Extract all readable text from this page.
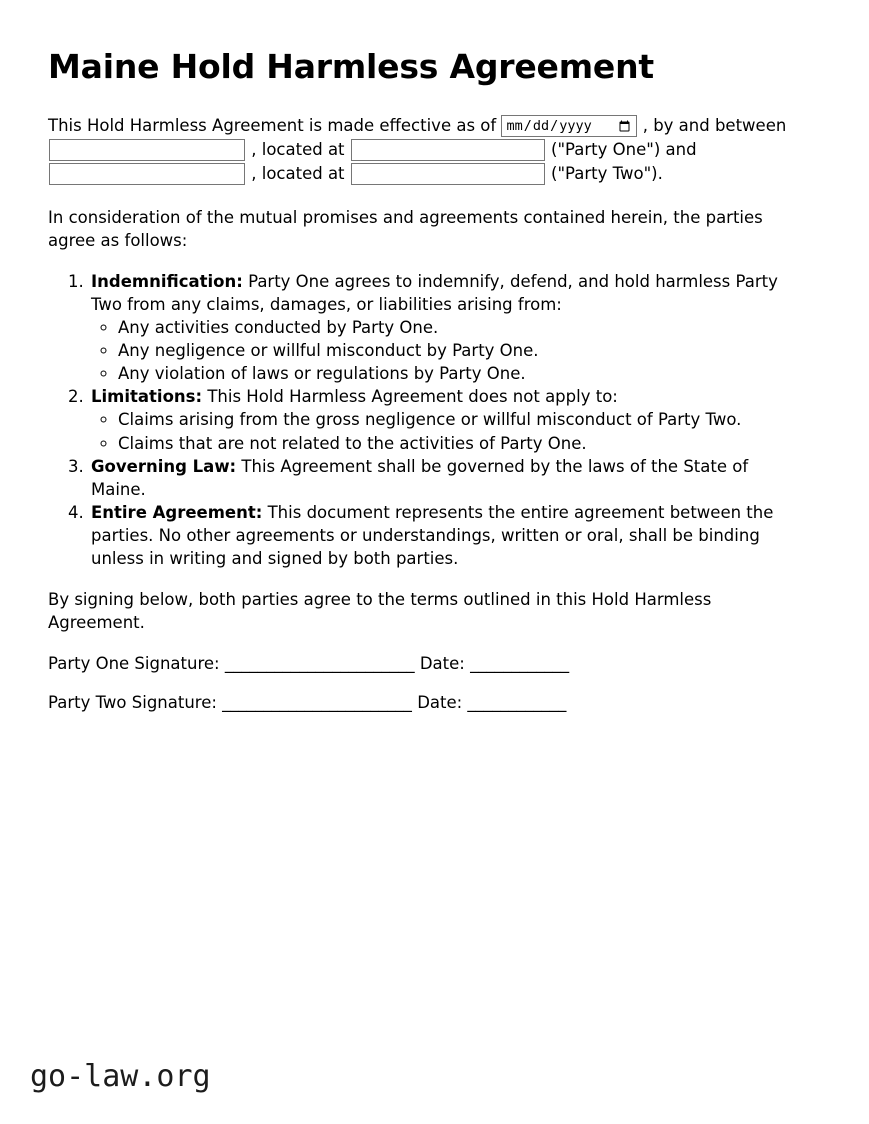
Maine Hold Harmless Agreement

This Hold Harmless Agreement is made effective as of mm/dd/yyyy	, by and between
, located at	("Party One") and
, located at	("Party Two").

In consideration of the mutual promises and agreements contained herein, the parties agree as follows:

1. Indemnification: Party One agrees to indemnify, defend, and hold harmless Party Two from any claims, damages, or liabilities arising from:
◦ Any activities conducted by Party One.
◦ Any negligence or willful misconduct by Party One.
◦ Any violation of laws or regulations by Party One.
2. Limitations: This Hold Harmless Agreement does not apply to:
◦ Claims arising from the gross negligence or willful misconduct of Party Two.
◦ Claims that are not related to the activities of Party One.
3. Governing Law: This Agreement shall be governed by the laws of the State of Maine.
4. Entire Agreement: This document represents the entire agreement between the parties. No other agreements or understandings, written or oral, shall be binding unless in writing and signed by both parties.

By signing below, both parties agree to the terms outlined in this Hold Harmless Agreement.

Party One Signature: _______________________ Date: ____________
Party Two Signature: _______________________ Date: ____________
go-law.org
